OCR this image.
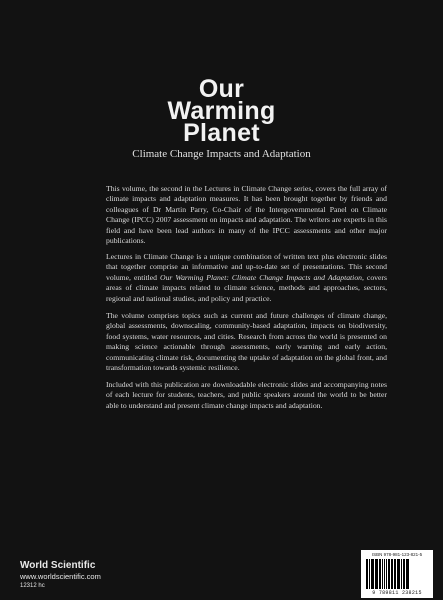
Our
Warming
Planet
Climate Change Impacts and Adaptation

This volume, the second in the Lectures in Climate Change series, covers the full array of climate impacts and adaptation measures. It has been brought together by friends and colleagues of Dr Martin Parry, Co-Chair of the Intergovernmental Panel on Climate Change (IPCC) 2007 assessment on impacts and adaptation. The writers are experts in this field and have been lead authors in many of the IPCC assessments and other major publications.

Lectures in Climate Change is a unique combination of written text plus electronic slides that together comprise an informative and up-to-date set of presentations. This second volume, entitled Our Warming Planet: Climate Change Impacts and Adaptation, covers areas of climate impacts related to climate science, methods and approaches, sectors, regional and national studies, and policy and practice.

The volume comprises topics such as current and future challenges of climate change, global assessments, downscaling, community-based adaptation, impacts on biodiversity, food systems, water resources, and cities. Research from across the world is presented on making science actionable through assessments, early warning and early action, communicating climate risk, documenting the uptake of adaptation on the global front, and transformation towards systemic resilience.

Included with this publication are downloadable electronic slides and accompanying notes of each lecture for students, teachers, and public speakers around the world to be better able to understand and present climate change impacts and adaptation.

World Scientific
www.worldscientific.com
12312 hc
ISBN 978-981-123-821-5
9 789811 238215
